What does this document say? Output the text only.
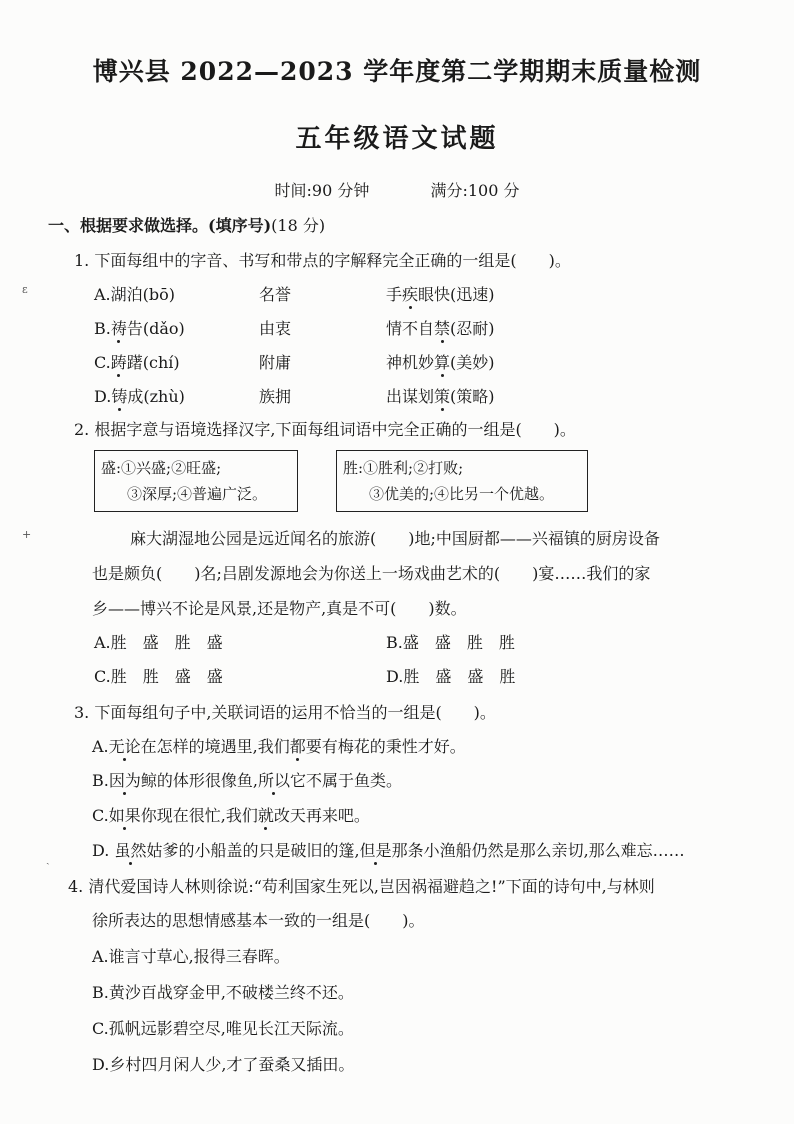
博兴县 2022—2023 学年度第二学期期末质量检测
五年级语文试题
时间:90 分钟	满分:100 分
ɛ
+
一、根据要求做选择。(填序号)(18 分)
1. 下面每组中的字音、书写和带点的字解释完全正确的一组是(　　)。
A.湖泊(bō)	名誉	手疾眼快(迅速)
B.祷告(dǎo)	由衷	情不自禁(忍耐)
C.踌躇(chí)	附庸	神机妙算(美妙)
D.铸成(zhù)	族拥	出谋划策(策略)
2. 根据字意与语境选择汉字,下面每组词语中完全正确的一组是(　　)。
盛:①兴盛;②旺盛;
③深厚;④普遍广泛。
胜:①胜利;②打败;
③优美的;④比另一个优越。
麻大湖湿地公园是远近闻名的旅游(　　)地;中国厨都——兴福镇的厨房设备
也是颇负(　　)名;吕剧发源地会为你送上一场戏曲艺术的(　　)宴……我们的家
乡——博兴不论是风景,还是物产,真是不可(　　)数。
A.胜　盛　胜　盛	B.盛　盛　胜　胜
C.胜　胜　盛　盛	D.胜　盛　盛　胜
3. 下面每组句子中,关联词语的运用不恰当的一组是(　　)。
A.无论在怎样的境遇里,我们都要有梅花的秉性才好。
B.因为鲸的体形很像鱼,所以它不属于鱼类。
C.如果你现在很忙,我们就改天再来吧。
D. 虽然姑爹的小船盖的只是破旧的篷,但是那条小渔船仍然是那么亲切,那么难忘……
ˎ
4. 清代爱国诗人林则徐说:“苟利国家生死以,岂因祸福避趋之!”下面的诗句中,与林则
徐所表达的思想情感基本一致的一组是(　　)。
A.谁言寸草心,报得三春晖。
B.黄沙百战穿金甲,不破楼兰终不还。
C.孤帆远影碧空尽,唯见长江天际流。
D.乡村四月闲人少,才了蚕桑又插田。
